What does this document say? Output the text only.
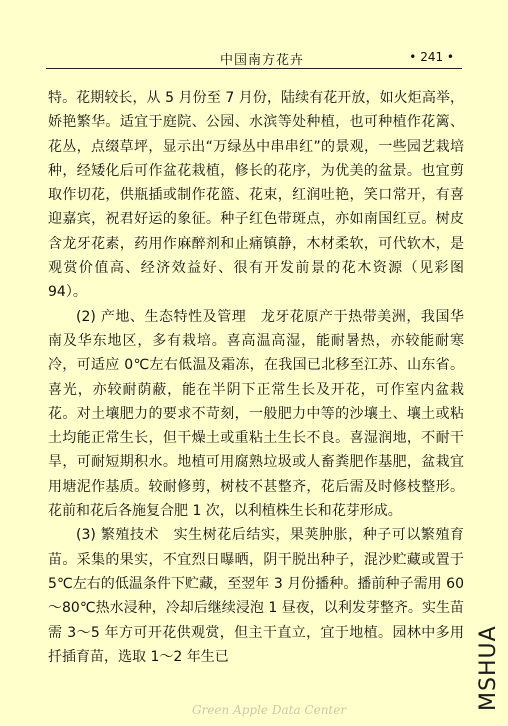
中国南方花卉	• 241 •

特。花期较长，从 5 月份至 7 月份，陆续有花开放，如火炬高举，娇艳繁华。适宜于庭院、公园、水滨等处种植，也可种植作花篱、花丛，点缀草坪，显示出“万绿丛中串串红”的景观，一些园艺栽培种，经矮化后可作盆花栽植，修长的花序，为优美的盆景。也宜剪取作切花，供瓶插或制作花篮、花束，红润吐艳，笑口常开，有喜迎嘉宾，祝君好运的象征。种子红色带斑点，亦如南国红豆。树皮含龙牙花素，药用作麻醉剂和止痛镇静，木材柔软，可代软木，是观赏价值高、经济效益好、很有开发前景的花木资源（见彩图 94）。

(2) 产地、生态特性及管理　龙牙花原产于热带美洲，我国华南及华东地区，多有栽培。喜高温高湿，能耐暑热，亦较能耐寒冷，可适应 0℃左右低温及霜冻，在我国已北移至江苏、山东省。喜光，亦较耐荫蔽，能在半阴下正常生长及开花，可作室内盆栽花。对土壤肥力的要求不苛刻，一般肥力中等的沙壤土、壤土或粘土均能正常生长，但干燥土或重粘土生长不良。喜湿润地，不耐干旱，可耐短期积水。地植可用腐熟垃圾或人畜粪肥作基肥，盆栽宜用塘泥作基质。较耐修剪，树枝不甚整齐，花后需及时修枝整形。花前和花后各施复合肥 1 次，以利植株生长和花芽形成。

(3) 繁殖技术　实生树花后结实，果荚肿胀，种子可以繁殖育苗。采集的果实，不宜烈日曝晒，阴干脱出种子，混沙贮藏或置于 5℃左右的低温条件下贮藏，至翌年 3 月份播种。播前种子需用 60～80℃热水浸种，冷却后继续浸泡 1 昼夜，以利发芽整齐。实生苗需 3～5 年方可开花供观赏，但主干直立，宜于地植。园林中多用扦插育苗，选取 1～2 年生已

Green Apple Data Center	MSHUA
